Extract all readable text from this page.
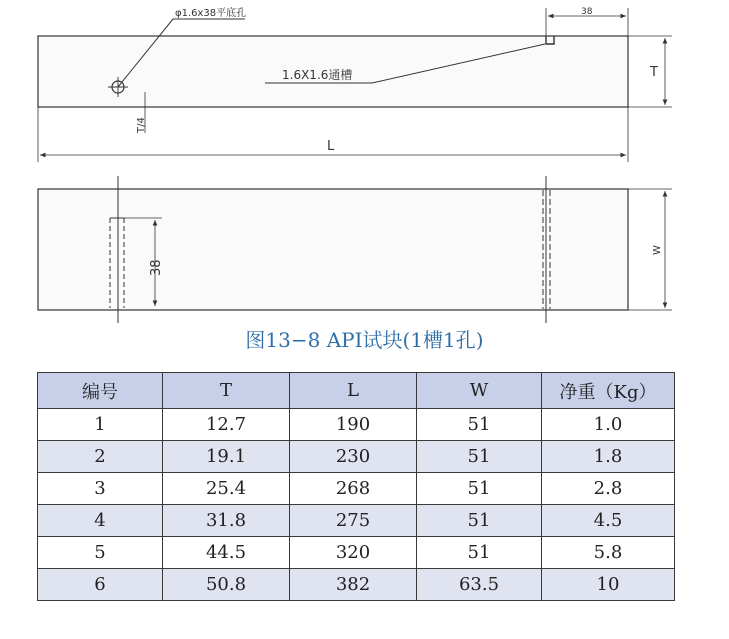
φ1.6x38平底孔
1.6X1.6通槽
38
T
T/4
L
38
W
图13−8 API试块(1槽1孔)
编号	T	L	W	净重（Kg）
1	12.7	190	51	1.0
2	19.1	230	51	1.8
3	25.4	268	51	2.8
4	31.8	275	51	4.5
5	44.5	320	51	5.8
6	50.8	382	63.5	10
